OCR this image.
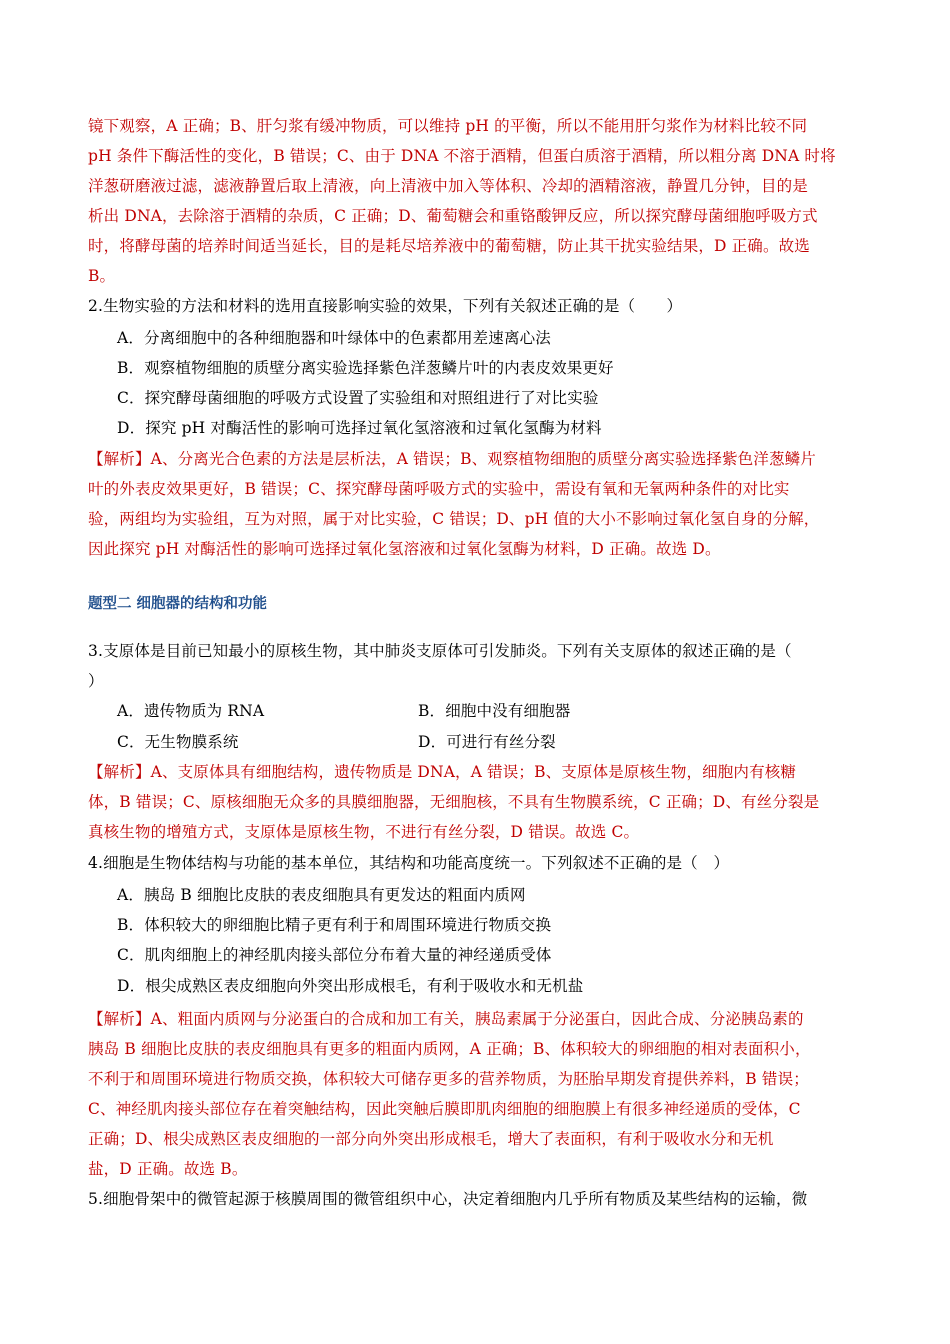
镜下观察，A 正确；B、肝匀浆有缓冲物质，可以维持 pH 的平衡，所以不能用肝匀浆作为材料比较不同
pH 条件下酶活性的变化，B 错误；C、由于 DNA 不溶于酒精，但蛋白质溶于酒精，所以粗分离 DNA 时将
洋葱研磨液过滤，滤液静置后取上清液，向上清液中加入等体积、冷却的酒精溶液，静置几分钟，目的是
析出 DNA，去除溶于酒精的杂质，C 正确；D、葡萄糖会和重铬酸钾反应，所以探究酵母菌细胞呼吸方式
时，将酵母菌的培养时间适当延长，目的是耗尽培养液中的葡萄糖，防止其干扰实验结果，D 正确。故选
B。
2.生物实验的方法和材料的选用直接影响实验的效果，下列有关叙述正确的是（　　）
A．分离细胞中的各种细胞器和叶绿体中的色素都用差速离心法
B．观察植物细胞的质壁分离实验选择紫色洋葱鳞片叶的内表皮效果更好
C．探究酵母菌细胞的呼吸方式设置了实验组和对照组进行了对比实验
D．探究 pH 对酶活性的影响可选择过氧化氢溶液和过氧化氢酶为材料
【解析】A、分离光合色素的方法是层析法，A 错误；B、观察植物细胞的质壁分离实验选择紫色洋葱鳞片
叶的外表皮效果更好，B 错误；C、探究酵母菌呼吸方式的实验中，需设有氧和无氧两种条件的对比实
验，两组均为实验组，互为对照，属于对比实验，C 错误；D、pH 值的大小不影响过氧化氢自身的分解，
因此探究 pH 对酶活性的影响可选择过氧化氢溶液和过氧化氢酶为材料，D 正确。故选 D。
题型二 细胞器的结构和功能
3.支原体是目前已知最小的原核生物，其中肺炎支原体可引发肺炎。下列有关支原体的叙述正确的是（
）
A．遗传物质为 RNA	B．细胞中没有细胞器
C．无生物膜系统	D．可进行有丝分裂
【解析】A、支原体具有细胞结构，遗传物质是 DNA，A 错误；B、支原体是原核生物，细胞内有核糖
体，B 错误；C、原核细胞无众多的具膜细胞器，无细胞核，不具有生物膜系统，C 正确；D、有丝分裂是
真核生物的增殖方式，支原体是原核生物，不进行有丝分裂，D 错误。故选 C。
4.细胞是生物体结构与功能的基本单位，其结构和功能高度统一。下列叙述不正确的是（　）
A．胰岛 B 细胞比皮肤的表皮细胞具有更发达的粗面内质网
B．体积较大的卵细胞比精子更有利于和周围环境进行物质交换
C．肌肉细胞上的神经肌肉接头部位分布着大量的神经递质受体
D．根尖成熟区表皮细胞向外突出形成根毛，有利于吸收水和无机盐
【解析】A、粗面内质网与分泌蛋白的合成和加工有关，胰岛素属于分泌蛋白，因此合成、分泌胰岛素的
胰岛 B 细胞比皮肤的表皮细胞具有更多的粗面内质网，A 正确；B、体积较大的卵细胞的相对表面积小，
不利于和周围环境进行物质交换，体积较大可储存更多的营养物质，为胚胎早期发育提供养料，B 错误；
C、神经肌肉接头部位存在着突触结构，因此突触后膜即肌肉细胞的细胞膜上有很多神经递质的受体，C
正确；D、根尖成熟区表皮细胞的一部分向外突出形成根毛，增大了表面积，有利于吸收水分和无机
盐，D 正确。故选 B。
5.细胞骨架中的微管起源于核膜周围的微管组织中心，决定着细胞内几乎所有物质及某些结构的运输，微
